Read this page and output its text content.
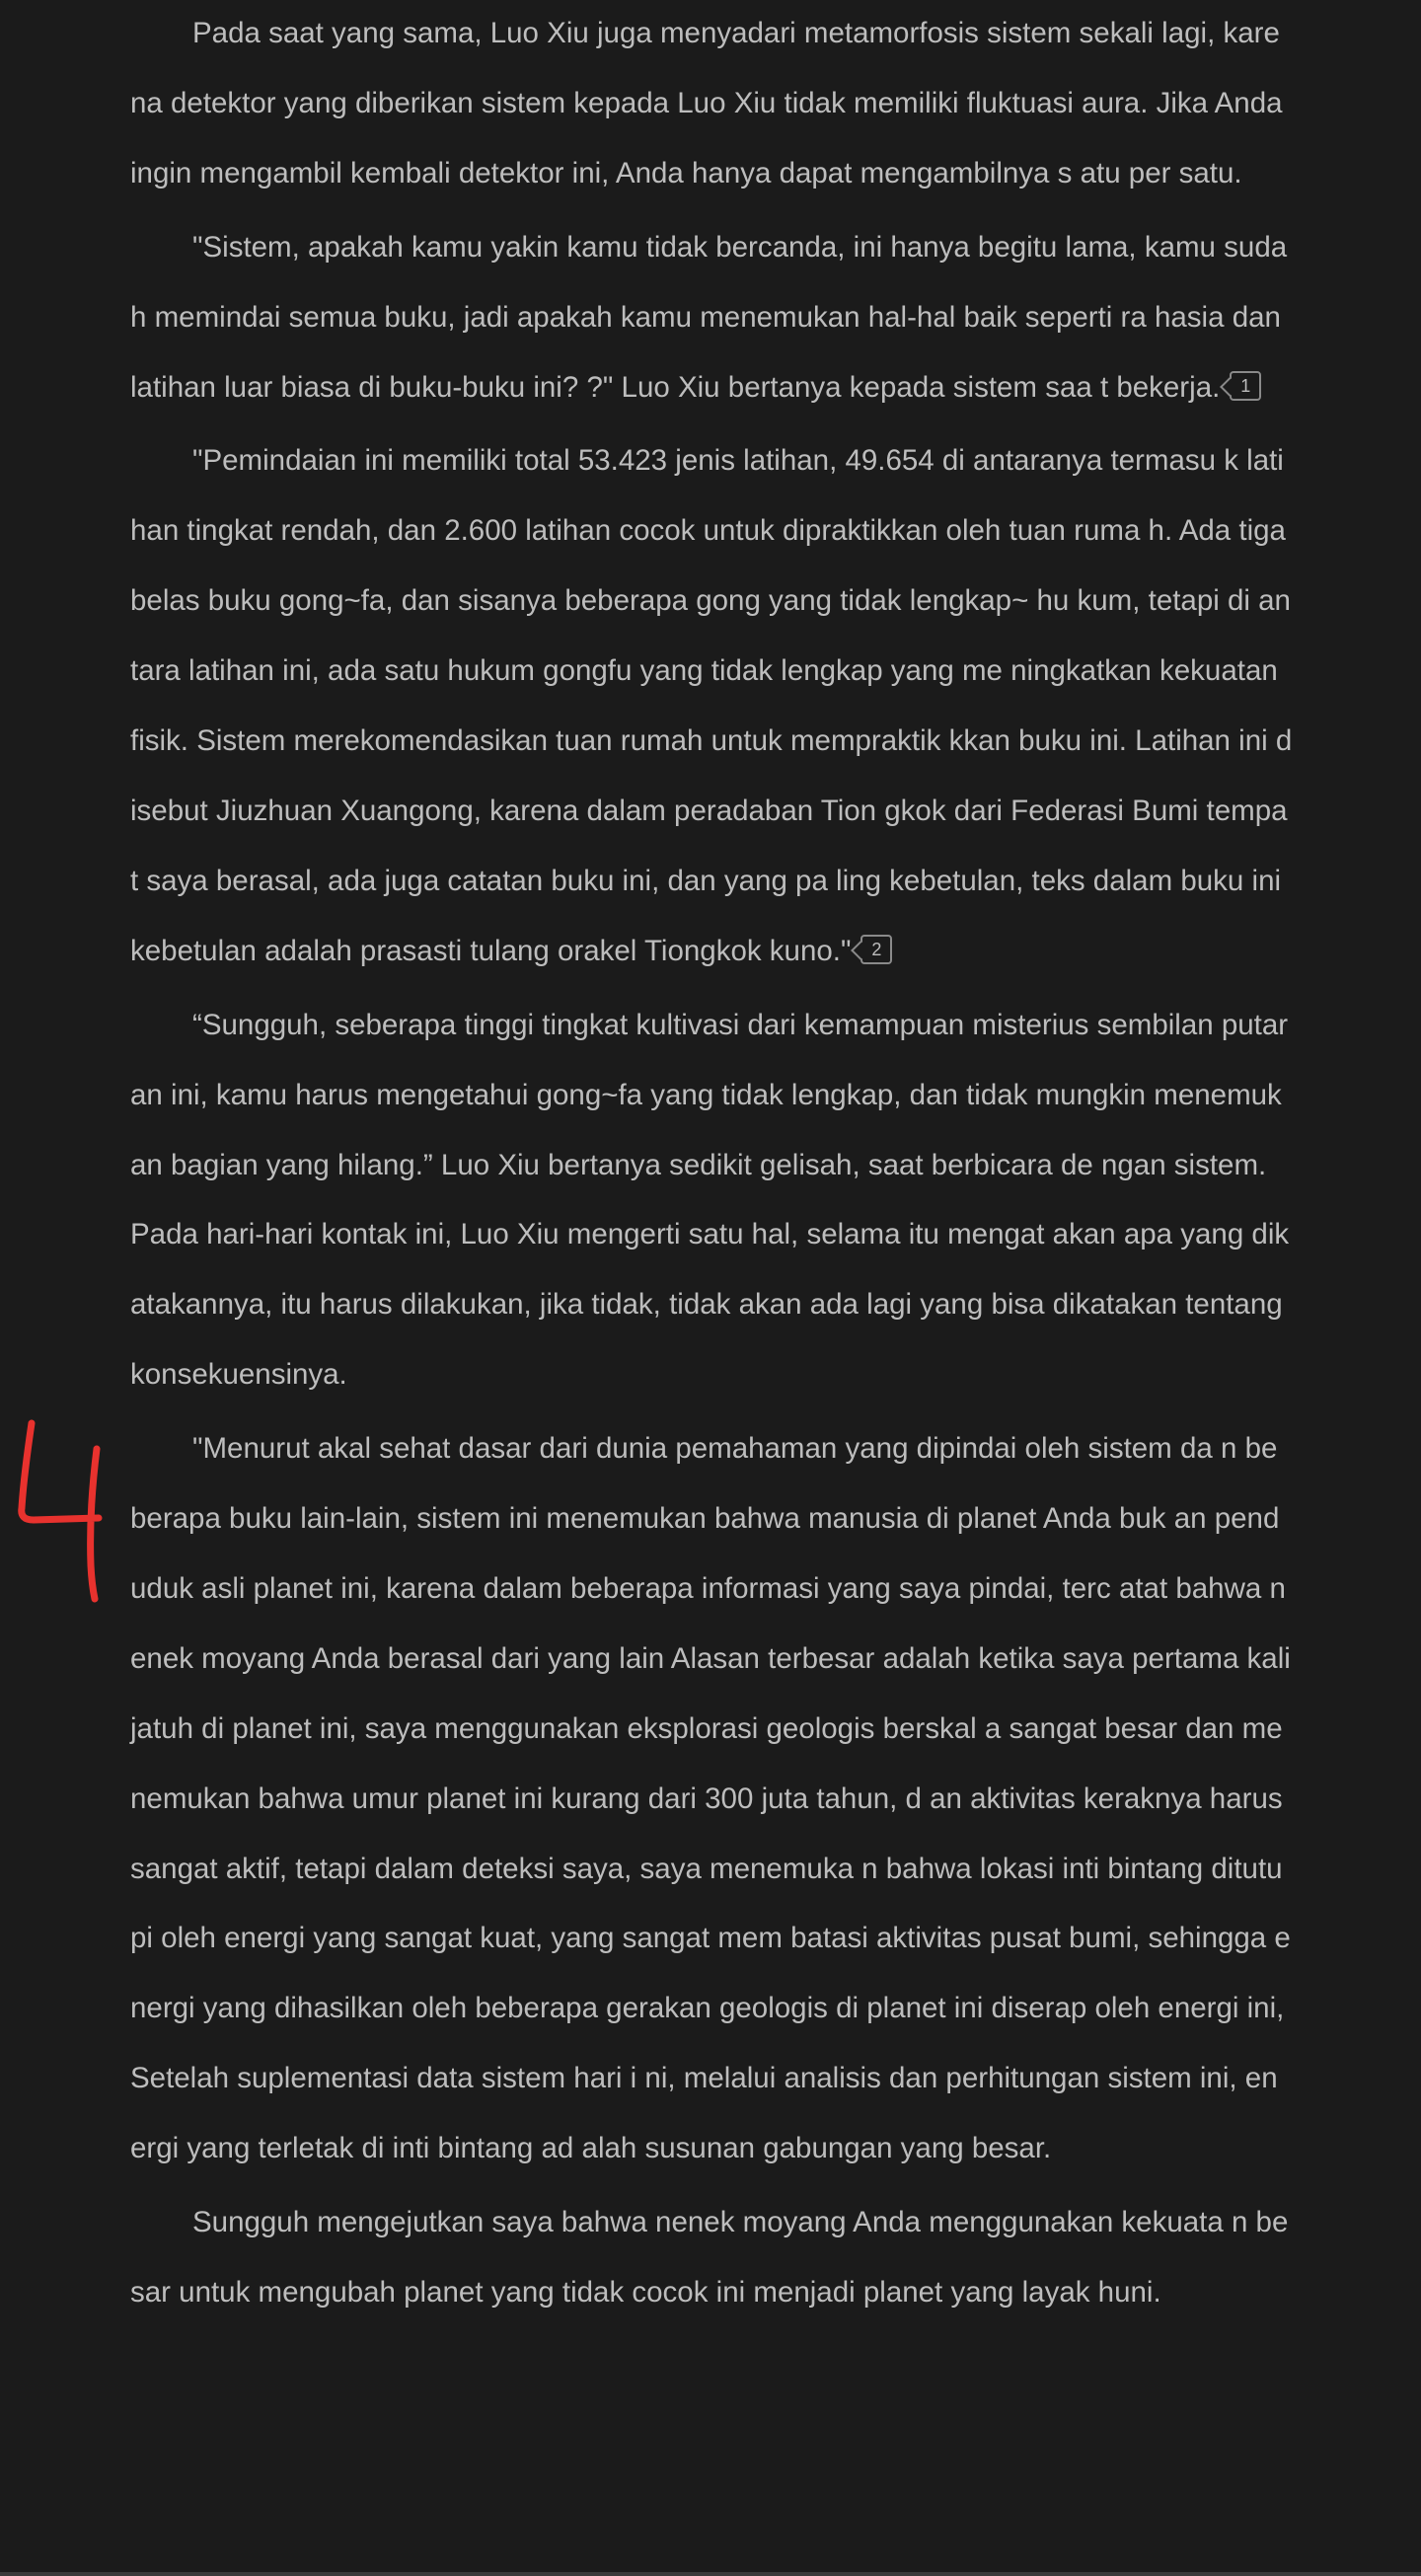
Pada saat yang sama, Luo Xiu juga menyadari metamorfosis sistem sekali lagi, karena detektor yang diberikan sistem kepada Luo Xiu tidak memiliki fluktuasi aura. Jika Anda ingin mengambil kembali detektor ini, Anda hanya dapat mengambilnya s atu per satu.

"Sistem, apakah kamu yakin kamu tidak bercanda, ini hanya begitu lama, kamu sudah memindai semua buku, jadi apakah kamu menemukan hal-hal baik seperti ra hasia dan latihan luar biasa di buku-buku ini? ?" Luo Xiu bertanya kepada sistem saa t bekerja. 1

"Pemindaian ini memiliki total 53.423 jenis latihan, 49.654 di antaranya termasu k latihan tingkat rendah, dan 2.600 latihan cocok untuk dipraktikkan oleh tuan ruma h. Ada tiga belas buku gong~fa, dan sisanya beberapa gong yang tidak lengkap~ hu kum, tetapi di antara latihan ini, ada satu hukum gongfu yang tidak lengkap yang me ningkatkan kekuatan fisik. Sistem merekomendasikan tuan rumah untuk mempraktik kkan buku ini. Latihan ini disebut Jiuzhuan Xuangong, karena dalam peradaban Tion gkok dari Federasi Bumi tempat saya berasal, ada juga catatan buku ini, dan yang pa ling kebetulan, teks dalam buku ini kebetulan adalah prasasti tulang orakel Tiongkok kuno." 2

“Sungguh, seberapa tinggi tingkat kultivasi dari kemampuan misterius sembilan putaran ini, kamu harus mengetahui gong~fa yang tidak lengkap, dan tidak mungkin menemukan bagian yang hilang.” Luo Xiu bertanya sedikit gelisah, saat berbicara de ngan sistem. Pada hari-hari kontak ini, Luo Xiu mengerti satu hal, selama itu mengat akan apa yang dikatakannya, itu harus dilakukan, jika tidak, tidak akan ada lagi yang bisa dikatakan tentang konsekuensinya.

"Menurut akal sehat dasar dari dunia pemahaman yang dipindai oleh sistem da n beberapa buku lain-lain, sistem ini menemukan bahwa manusia di planet Anda buk an penduduk asli planet ini, karena dalam beberapa informasi yang saya pindai, terc atat bahwa nenek moyang Anda berasal dari yang lain Alasan terbesar adalah ketika saya pertama kali jatuh di planet ini, saya menggunakan eksplorasi geologis berskal a sangat besar dan menemukan bahwa umur planet ini kurang dari 300 juta tahun, d an aktivitas keraknya harus sangat aktif, tetapi dalam deteksi saya, saya menemuka n bahwa lokasi inti bintang ditutupi oleh energi yang sangat kuat, yang sangat mem batasi aktivitas pusat bumi, sehingga energi yang dihasilkan oleh beberapa gerakan geologis di planet ini diserap oleh energi ini, Setelah suplementasi data sistem hari i ni, melalui analisis dan perhitungan sistem ini, energi yang terletak di inti bintang ad alah susunan gabungan yang besar.

Sungguh mengejutkan saya bahwa nenek moyang Anda menggunakan kekuata n besar untuk mengubah planet yang tidak cocok ini menjadi planet yang layak huni.
